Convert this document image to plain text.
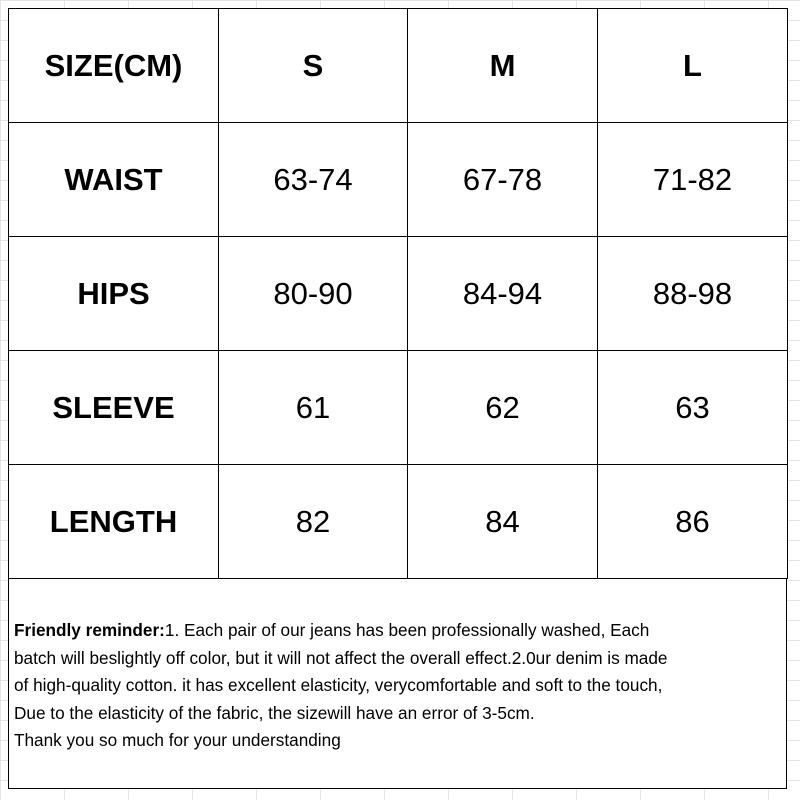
SIZE(CM)	S	M	L
WAIST	63-74	67-78	71-82
HIPS	80-90	84-94	88-98
SLEEVE	61	62	63
LENGTH	82	84	86

Friendly reminder:1. Each pair of our jeans has been professionally washed, Each

batch will beslightly off color, but it will not affect the overall effect.2.0ur denim is made

of high-quality cotton. it has excellent elasticity, verycomfortable and soft to the touch,

Due to the elasticity of the fabric, the sizewill have an error of 3-5cm.

Thank you so much for your understanding
